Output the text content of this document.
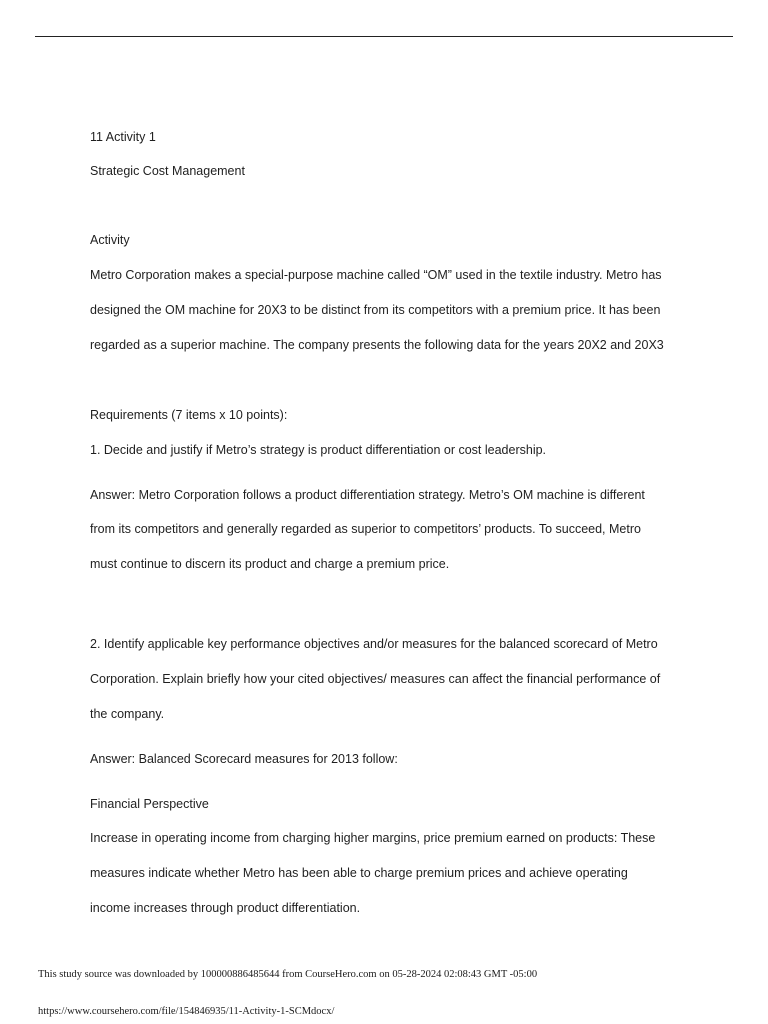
11 Activity 1

Strategic Cost Management

Activity

Metro Corporation makes a special-purpose machine called “OM” used in the textile industry. Metro has

designed the OM machine for 20X3 to be distinct from its competitors with a premium price. It has been

regarded as a superior machine. The company presents the following data for the years 20X2 and 20X3

Requirements (7 items x 10 points):

1. Decide and justify if Metro’s strategy is product differentiation or cost leadership.

Answer: Metro Corporation follows a product differentiation strategy. Metro’s OM machine is different

from its competitors and generally regarded as superior to competitors’ products. To succeed, Metro

must continue to discern its product and charge a premium price.

2. Identify applicable key performance objectives and/or measures for the balanced scorecard of Metro

Corporation. Explain briefly how your cited objectives/ measures can affect the financial performance of

the company.

Answer: Balanced Scorecard measures for 2013 follow:

Financial Perspective

Increase in operating income from charging higher margins, price premium earned on products: These

measures indicate whether Metro has been able to charge premium prices and achieve operating

income increases through product differentiation.

This study source was downloaded by 100000886485644 from CourseHero.com on 05-28-2024 02:08:43 GMT -05:00

https://www.coursehero.com/file/154846935/11-Activity-1-SCMdocx/
